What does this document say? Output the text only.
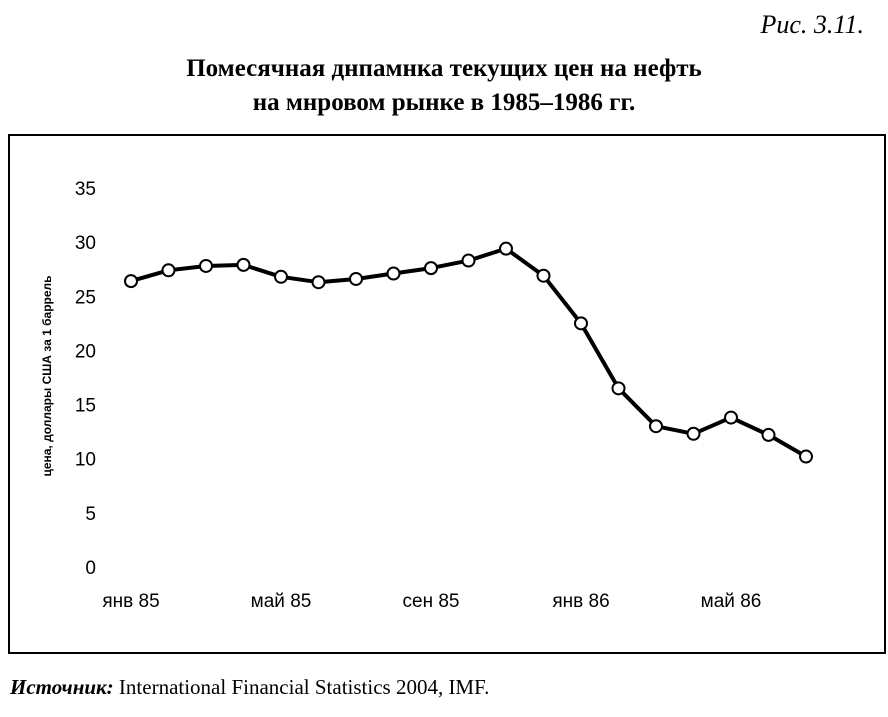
Рис. 3.11.
Помесячная днпамнка текущих цен на нефть
на мнровом рынке в 1985–1986 гг.
0
5
10
15
20
25
30
35
янв 85	май 85	сен 85	янв 86	май 86
цена, доллары США за 1 баррель
Источник: International Financial Statistics 2004, IMF.
